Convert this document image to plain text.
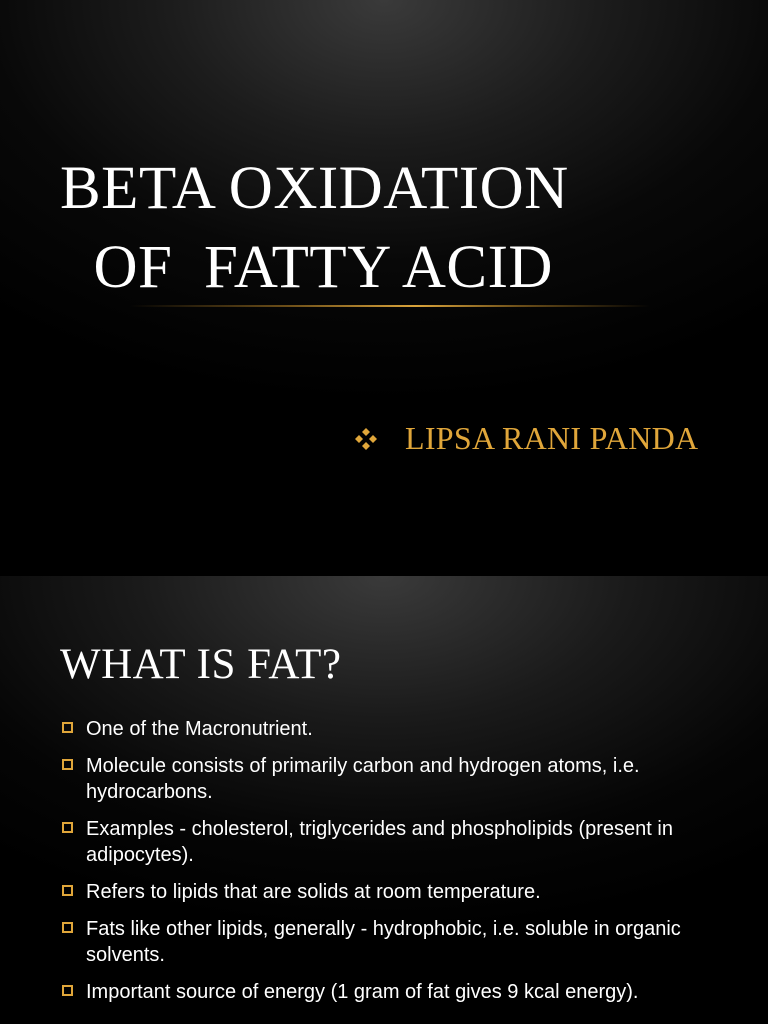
BETA OXIDATION
OF  FATTY ACID
LIPSA RANI PANDA
WHAT IS FAT?
One of the Macronutrient.
Molecule consists of primarily carbon and hydrogen atoms, i.e. hydrocarbons.
Examples - cholesterol, triglycerides and phospholipids (present in adipocytes).
Refers to lipids that are solids at room temperature.
Fats like other lipids, generally - hydrophobic, i.e. soluble in organic solvents.
Important source of energy (1 gram of fat gives 9 kcal energy).
